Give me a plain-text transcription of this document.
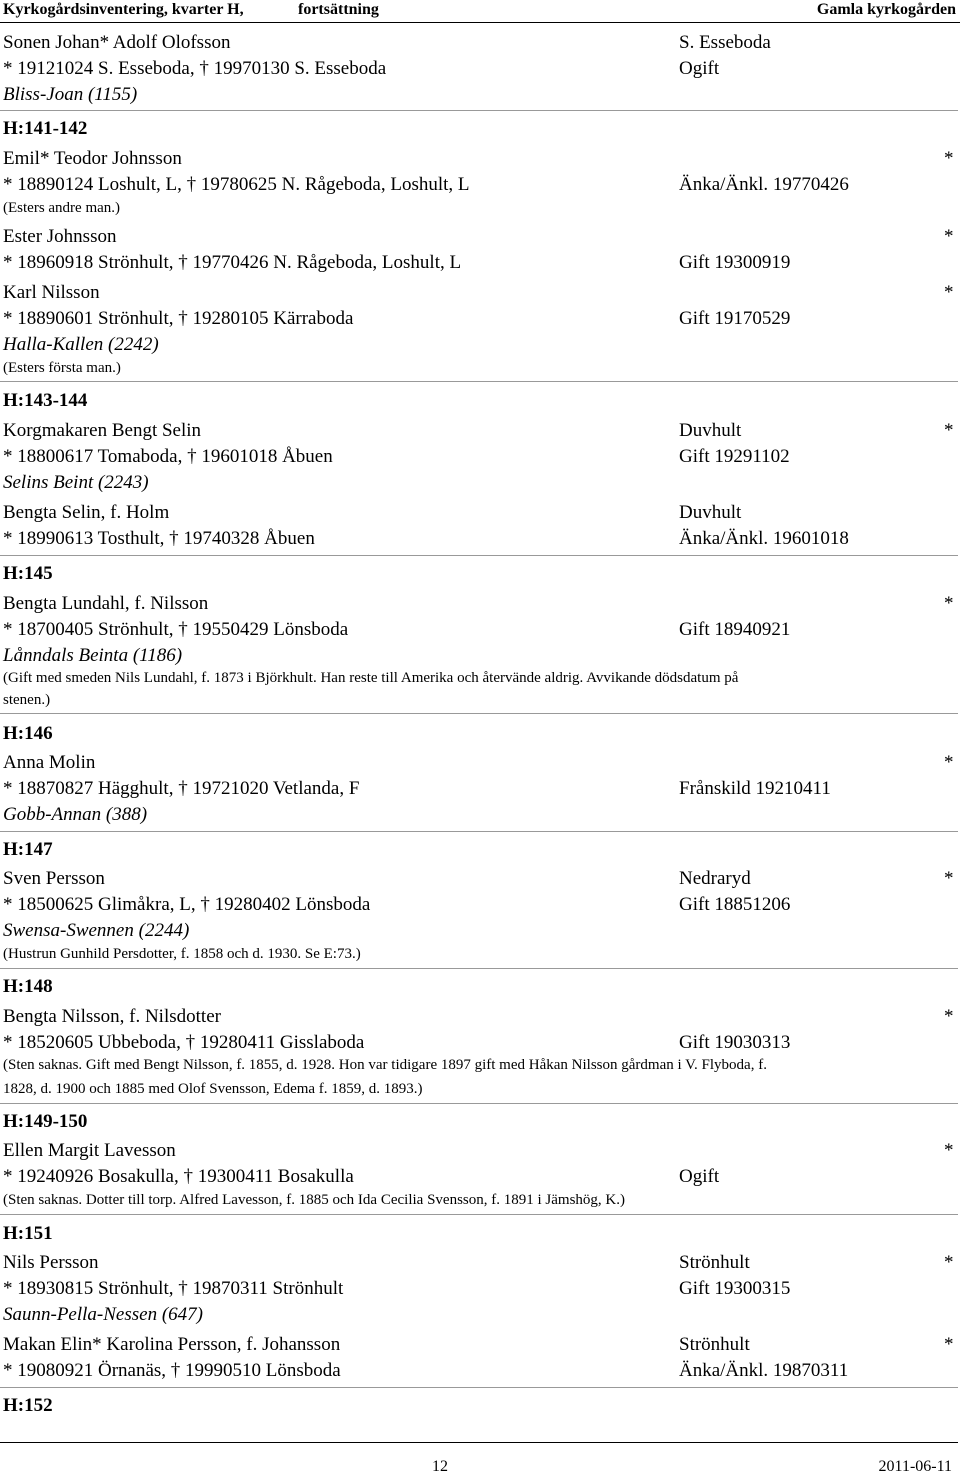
Kyrkogårdsinventering, kvarter H,	fortsättning	Gamla kyrkogården
Sonen Johan* Adolf Olofsson	S. Esseboda
* 19121024 S. Esseboda, † 19970130 S. Esseboda	Ogift
Bliss-Joan (1155)
H:141-142
Emil* Teodor Johnsson	*
* 18890124 Loshult, L, † 19780625 N. Rågeboda, Loshult, L	Änka/Änkl. 19770426
(Esters andre man.)
Ester Johnsson	*
* 18960918 Strönhult, † 19770426 N. Rågeboda, Loshult, L	Gift 19300919
Karl Nilsson	*
* 18890601 Strönhult, † 19280105 Kärraboda	Gift 19170529
Halla-Kallen (2242)
(Esters första man.)
H:143-144
Korgmakaren Bengt Selin	Duvhult	*
* 18800617 Tomaboda, † 19601018 Åbuen	Gift 19291102
Selins Beint (2243)
Bengta Selin, f. Holm	Duvhult
* 18990613 Tosthult, † 19740328 Åbuen	Änka/Änkl. 19601018
H:145
Bengta Lundahl, f. Nilsson	*
* 18700405 Strönhult, † 19550429 Lönsboda	Gift 18940921
Lånndals Beinta (1186)
(Gift med smeden Nils Lundahl, f. 1873 i Björkhult. Han reste till Amerika och återvände aldrig. Avvikande dödsdatum på
stenen.)
H:146
Anna Molin	*
* 18870827 Hägghult, † 19721020 Vetlanda, F	Frånskild 19210411
Gobb-Annan (388)
H:147
Sven Persson	Nedraryd	*
* 18500625 Glimåkra, L, † 19280402 Lönsboda	Gift 18851206
Swensa-Swennen (2244)
(Hustrun Gunhild Persdotter, f. 1858 och d. 1930. Se E:73.)
H:148
Bengta Nilsson, f. Nilsdotter	*
* 18520605 Ubbeboda, † 19280411 Gisslaboda	Gift 19030313
(Sten saknas. Gift med Bengt Nilsson, f. 1855, d. 1928. Hon var tidigare 1897 gift med Håkan Nilsson gårdman i V. Flyboda, f.
1828, d. 1900 och 1885 med Olof Svensson, Edema f. 1859, d. 1893.)
H:149-150
Ellen Margit Lavesson	*
* 19240926 Bosakulla, † 19300411 Bosakulla	Ogift
(Sten saknas. Dotter till torp. Alfred Lavesson, f. 1885 och Ida Cecilia Svensson, f. 1891 i Jämshög, K.)
H:151
Nils Persson	Strönhult	*
* 18930815 Strönhult, † 19870311 Strönhult	Gift 19300315
Saunn-Pella-Nessen (647)
Makan Elin* Karolina Persson, f. Johansson	Strönhult	*
* 19080921 Örnanäs, † 19990510 Lönsboda	Änka/Änkl. 19870311
H:152
12	2011-06-11
